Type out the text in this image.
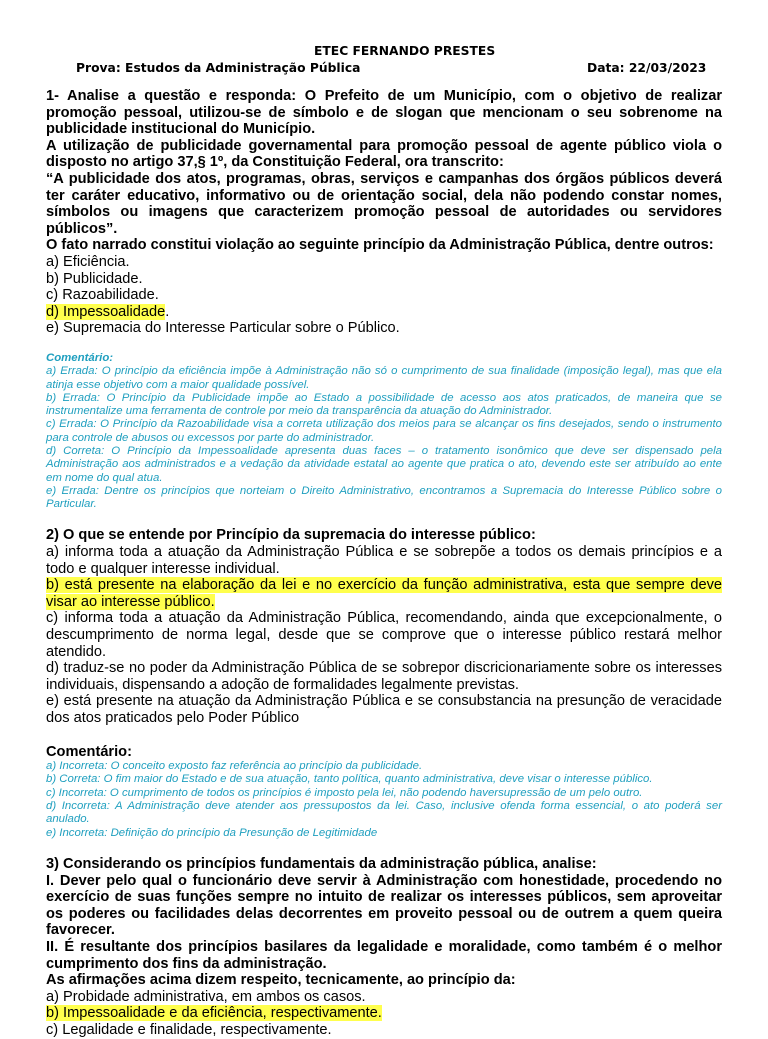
ETEC FERNANDO PRESTES
Prova: Estudos da Administração Pública	Data: 22/03/2023

1- Analise a questão e responda: O Prefeito de um Município, com o objetivo de realizar promoção pessoal, utilizou-se de símbolo e de slogan que mencionam o seu sobrenome na publicidade institucional do Município.

A utilização de publicidade governamental para promoção pessoal de agente público viola o disposto no artigo 37,§ 1º, da Constituição Federal, ora transcrito:

“A publicidade dos atos, programas, obras, serviços e campanhas dos órgãos públicos deverá ter caráter educativo, informativo ou de orientação social, dela não podendo constar nomes, símbolos ou imagens que caracterizem promoção pessoal de autoridades ou servidores públicos”.

O fato narrado constitui violação ao seguinte princípio da Administração Pública, dentre outros:

a) Eficiência.

b) Publicidade.

c) Razoabilidade.

d) Impessoalidade.

e) Supremacia do Interesse Particular sobre o Público.

Comentário:

a) Errada: O princípio da eficiência impõe à Administração não só o cumprimento de sua finalidade (imposição legal), mas que ela atinja esse objetivo com a maior qualidade possível.

b) Errada: O Princípio da Publicidade impõe ao Estado a possibilidade de acesso aos atos praticados, de maneira que se instrumentalize uma ferramenta de controle por meio da transparência da atuação do Administrador.

c) Errada: O Princípio da Razoabilidade visa a correta utilização dos meios para se alcançar os fins desejados, sendo o instrumento para controle de abusos ou excessos por parte do administrador.

d) Correta: O Princípio da Impessoalidade apresenta duas faces – o tratamento isonômico que deve ser dispensado pela Administração aos administrados e a vedação da atividade estatal ao agente que pratica o ato, devendo este ser atribuído ao ente em nome do qual atua.

e) Errada: Dentre os princípios que norteiam o Direito Administrativo, encontramos a Supremacia do Interesse Público sobre o Particular.

2) O que se entende por Princípio da supremacia do interesse público:

a) informa toda a atuação da Administração Pública e se sobrepõe a todos os demais princípios e a todo e qualquer interesse individual.

b) está presente na elaboração da lei e no exercício da função administrativa, esta que sempre deve visar ao interesse público.

c) informa toda a atuação da Administração Pública, recomendando, ainda que excepcionalmente, o descumprimento de norma legal, desde que se comprove que o interesse público restará melhor atendido.

d) traduz-se no poder da Administração Pública de se sobrepor discricionariamente sobre os interesses individuais, dispensando a adoção de formalidades legalmente previstas.

e) está presente na atuação da Administração Pública e se consubstancia na presunção de veracidade dos atos praticados pelo Poder Público

Comentário:

a) Incorreta: O conceito exposto faz referência ao princípio da publicidade.

b) Correta: O fim maior do Estado e de sua atuação, tanto política, quanto administrativa, deve visar o interesse público.

c) Incorreta: O cumprimento de todos os princípios é imposto pela lei, não podendo haversupressão de um pelo outro.

d) Incorreta: A Administração deve atender aos pressupostos da lei. Caso, inclusive ofenda forma essencial, o ato poderá ser anulado.

e) Incorreta: Definição do princípio da Presunção de Legitimidade

3) Considerando os princípios fundamentais da administração pública, analise:

I. Dever pelo qual o funcionário deve servir à Administração com honestidade, procedendo no exercício de suas funções sempre no intuito de realizar os interesses públicos, sem aproveitar os poderes ou facilidades delas decorrentes em proveito pessoal ou de outrem a quem queira favorecer.

II. É resultante dos princípios basilares da legalidade e moralidade, como também é o melhor cumprimento dos fins da administração.

As afirmações acima dizem respeito, tecnicamente, ao princípio da:

a) Probidade administrativa, em ambos os casos.

b) Impessoalidade e da eficiência, respectivamente.

c) Legalidade e finalidade, respectivamente.
